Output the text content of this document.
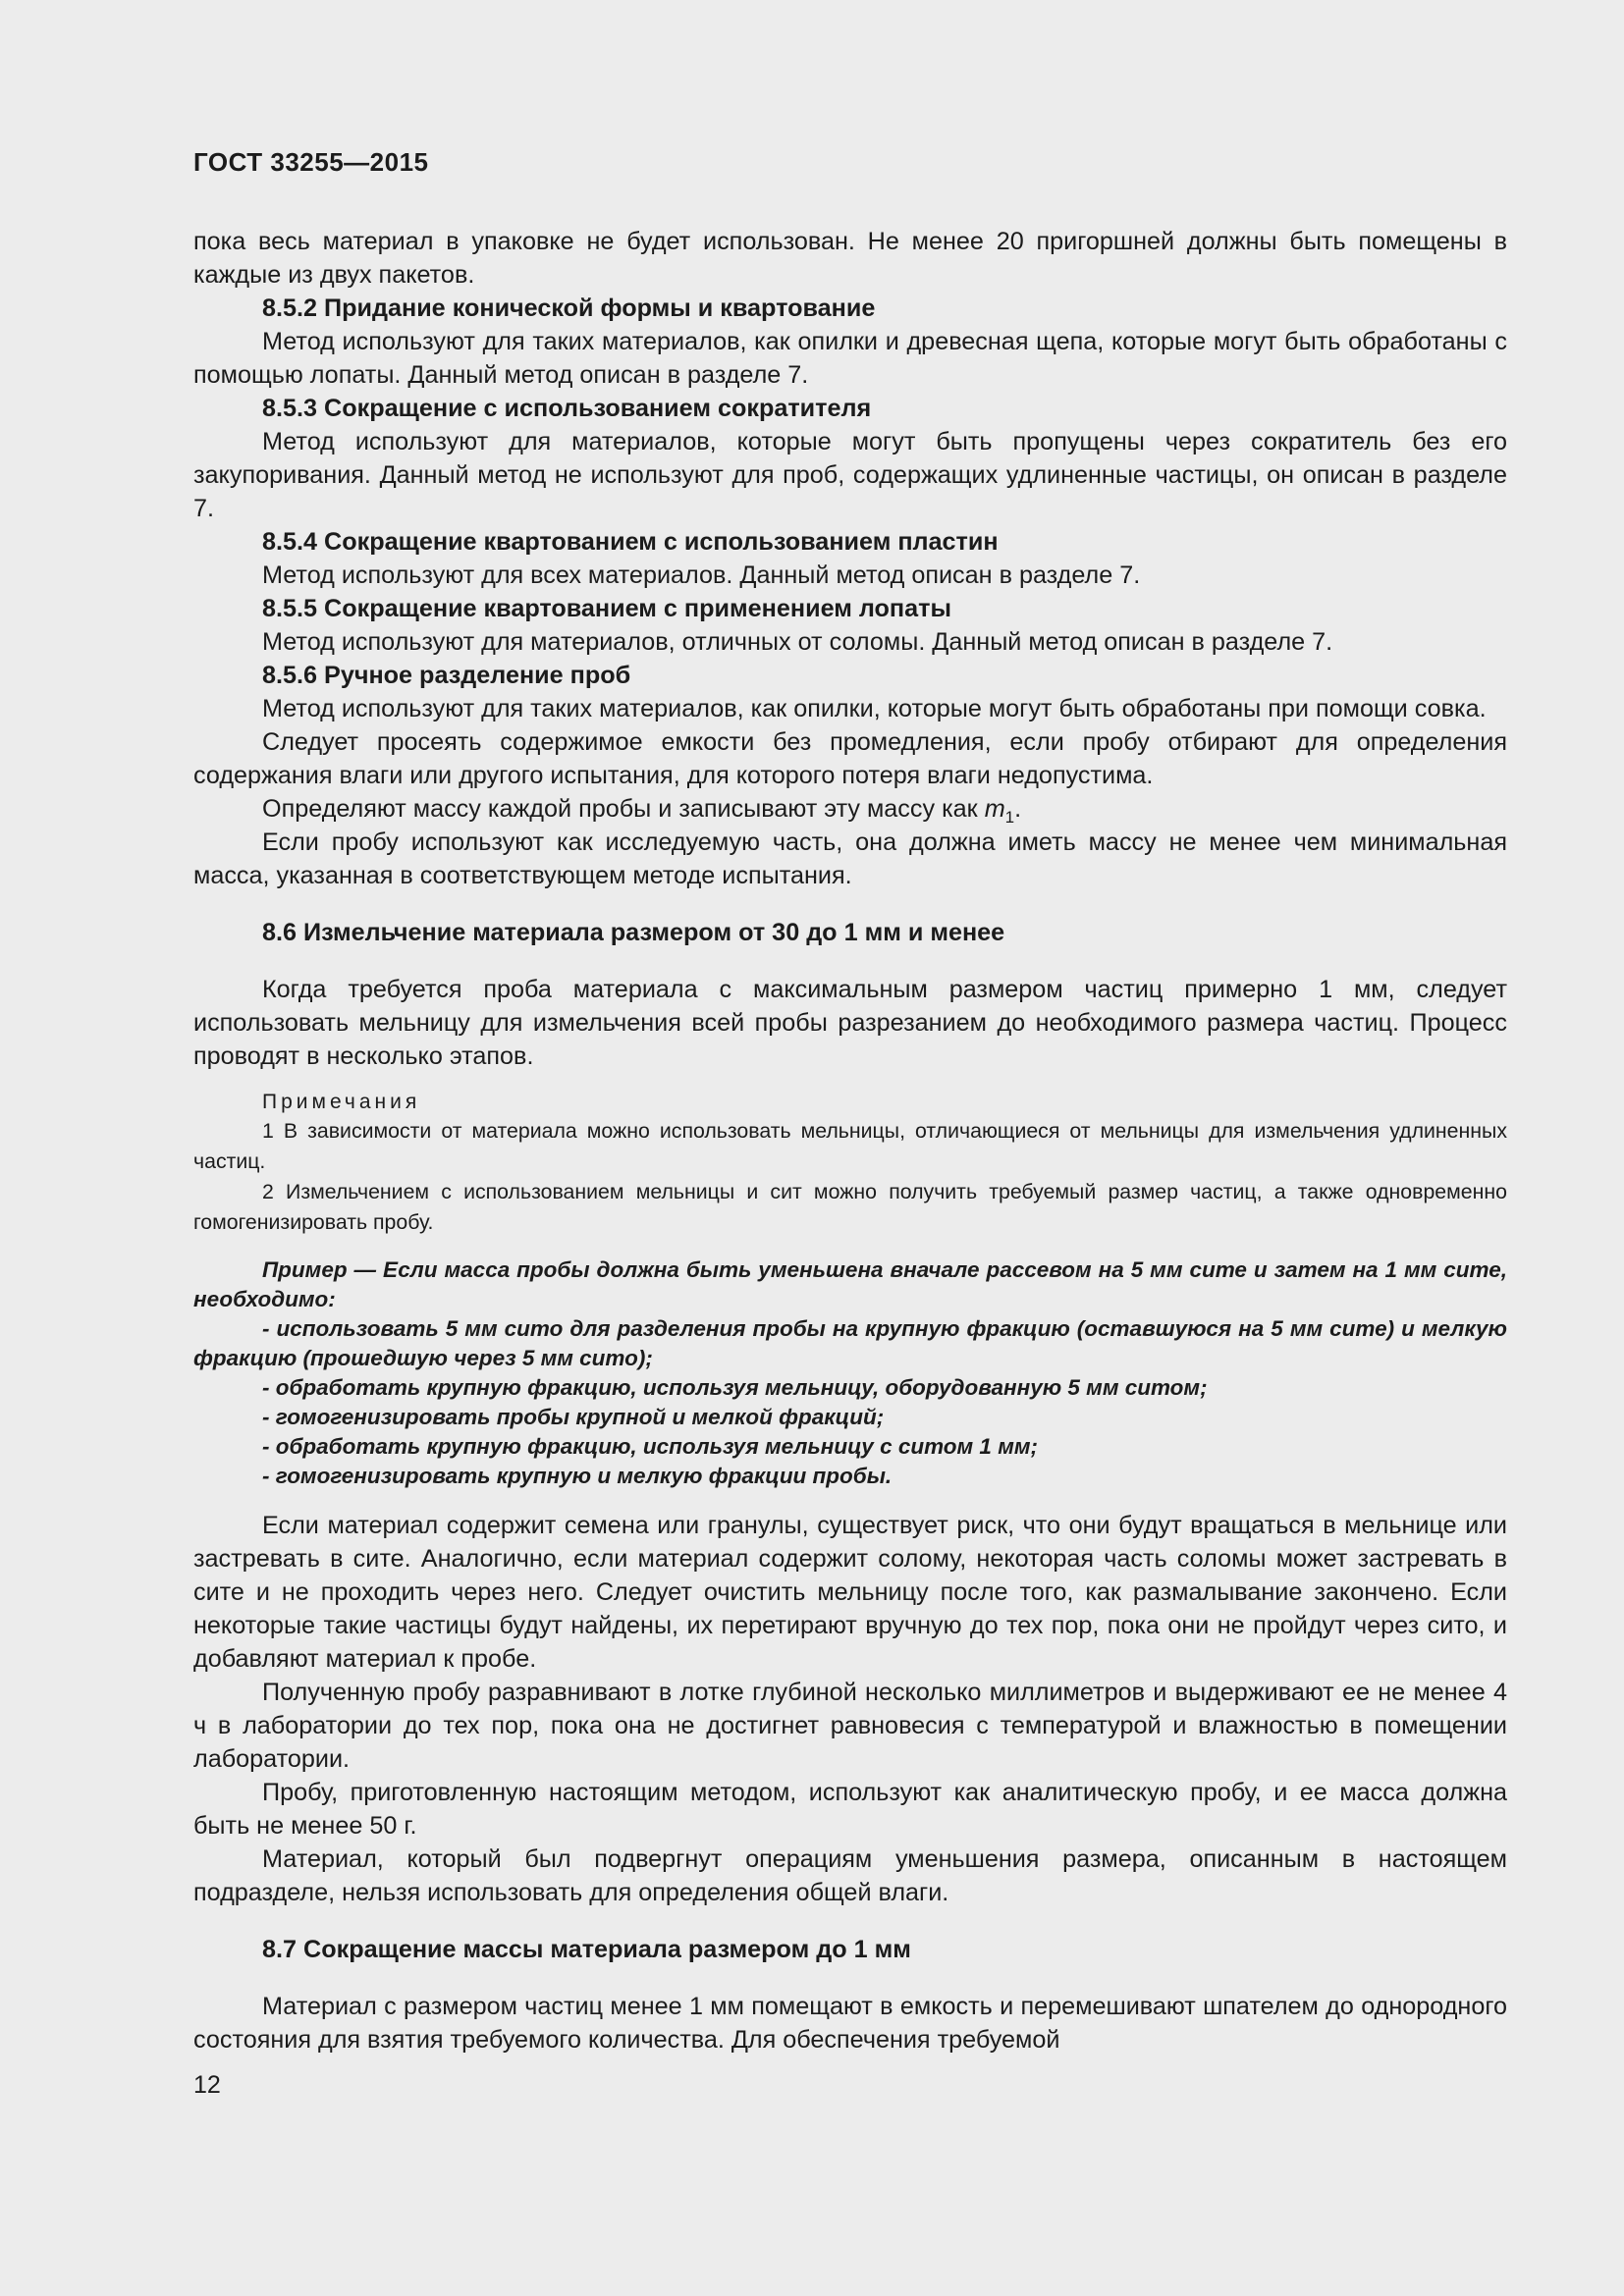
ГОСТ 33255—2015

пока весь материал в упаковке не будет использован. Не менее 20 пригоршней должны быть помещены в каждые из двух пакетов.

8.5.2 Придание конической формы и квартование

Метод используют для таких материалов, как опилки и древесная щепа, которые могут быть обработаны с помощью лопаты. Данный метод описан в разделе 7.

8.5.3 Сокращение с использованием сократителя

Метод используют для материалов, которые могут быть пропущены через сократитель без его закупоривания. Данный метод не используют для проб, содержащих удлиненные частицы, он описан в разделе 7.

8.5.4 Сокращение квартованием с использованием пластин

Метод используют для всех материалов. Данный метод описан в разделе 7.

8.5.5 Сокращение квартованием с применением лопаты

Метод используют для материалов, отличных от соломы. Данный метод описан в разделе 7.

8.5.6 Ручное разделение проб

Метод используют для таких материалов, как опилки, которые могут быть обработаны при помощи совка.

Следует просеять содержимое емкости без промедления, если пробу отбирают для определения содержания влаги или другого испытания, для которого потеря влаги недопустима.

Определяют массу каждой пробы и записывают эту массу как $m_1$.

Если пробу используют как исследуемую часть, она должна иметь массу не менее чем минимальная масса, указанная в соответствующем методе испытания.

8.6 Измельчение материала размером от 30 до 1 мм и менее

Когда требуется проба материала с максимальным размером частиц примерно 1 мм, следует использовать мельницу для измельчения всей пробы разрезанием до необходимого размера частиц. Процесс проводят в несколько этапов.

Примечания

1 В зависимости от материала можно использовать мельницы, отличающиеся от мельницы для измельчения удлиненных частиц.

2 Измельчением с использованием мельницы и сит можно получить требуемый размер частиц, а также одновременно гомогенизировать пробу.

Пример — Если масса пробы должна быть уменьшена вначале рассевом на 5 мм сите и затем на 1 мм сите, необходимо:

- использовать 5 мм сито для разделения пробы на крупную фракцию (оставшуюся на 5 мм сите) и мелкую фракцию (прошедшую через 5 мм сито);

- обработать крупную фракцию, используя мельницу, оборудованную 5 мм ситом;

- гомогенизировать пробы крупной и мелкой фракций;

- обработать крупную фракцию, используя мельницу с ситом 1 мм;

- гомогенизировать крупную и мелкую фракции пробы.

Если материал содержит семена или гранулы, существует риск, что они будут вращаться в мельнице или застревать в сите. Аналогично, если материал содержит солому, некоторая часть соломы может застревать в сите и не проходить через него. Следует очистить мельницу после того, как размалывание закончено. Если некоторые такие частицы будут найдены, их перетирают вручную до тех пор, пока они не пройдут через сито, и добавляют материал к пробе.

Полученную пробу разравнивают в лотке глубиной несколько миллиметров и выдерживают ее не менее 4 ч в лаборатории до тех пор, пока она не достигнет равновесия с температурой и влажностью в помещении лаборатории.

Пробу, приготовленную настоящим методом, используют как аналитическую пробу, и ее масса должна быть не менее 50 г.

Материал, который был подвергнут операциям уменьшения размера, описанным в настоящем подразделе, нельзя использовать для определения общей влаги.

8.7 Сокращение массы материала размером до 1 мм

Материал с размером частиц менее 1 мм помещают в емкость и перемешивают шпателем до однородного состояния для взятия требуемого количества. Для обеспечения требуемой

12
